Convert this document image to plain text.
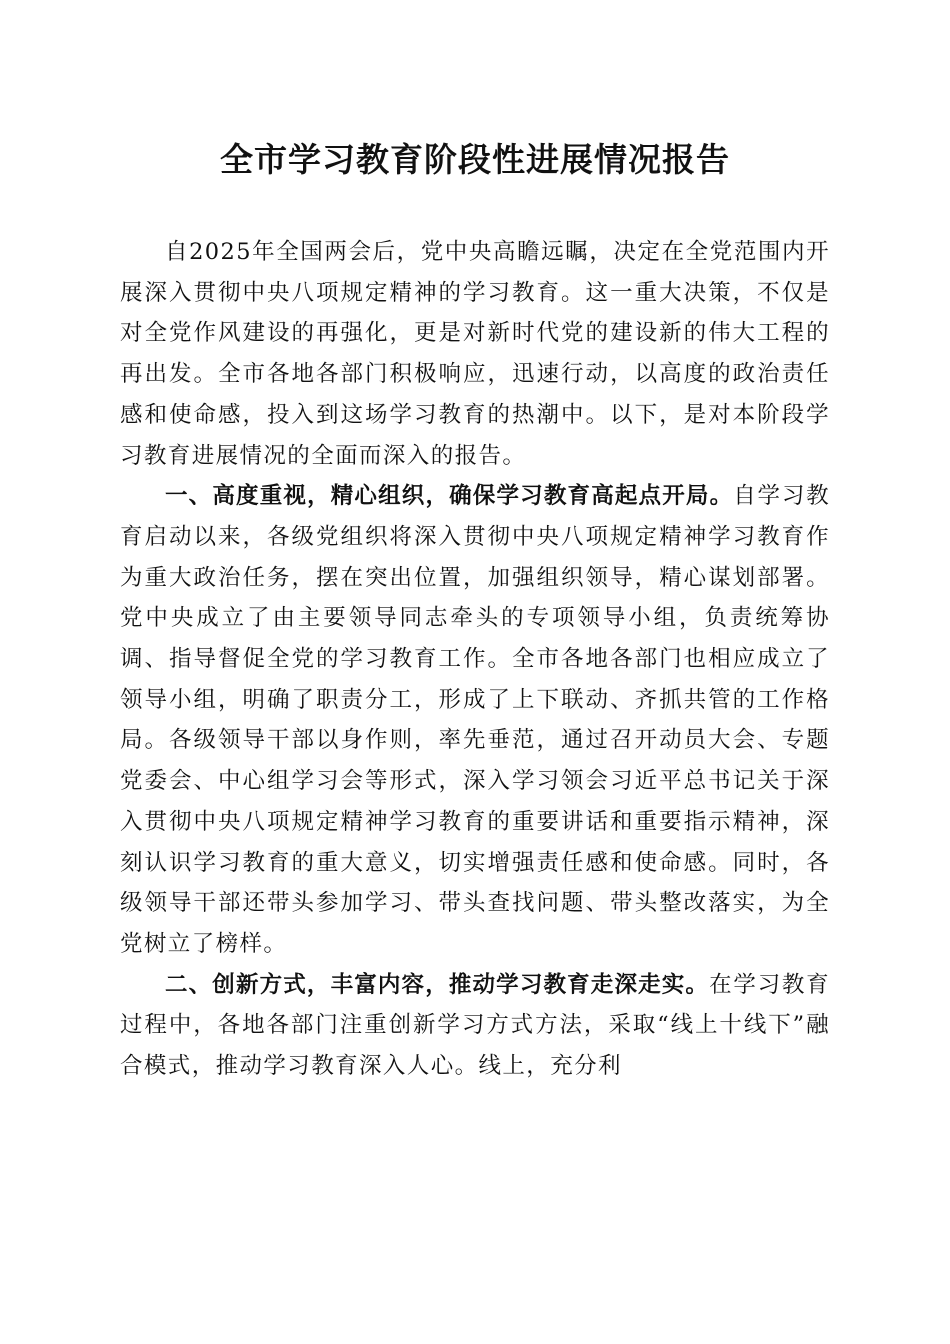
全市学习教育阶段性进展情况报告

自2025年全国两会后，党中央高瞻远瞩，决定在全党范围内开展深入贯彻中央八项规定精神的学习教育。这一重大决策，不仅是对全党作风建设的再强化，更是对新时代党的建设新的伟大工程的再出发。全市各地各部门积极响应，迅速行动，以高度的政治责任感和使命感，投入到这场学习教育的热潮中。以下，是对本阶段学习教育进展情况的全面而深入的报告。

一、高度重视，精心组织，确保学习教育高起点开局。自学习教育启动以来，各级党组织将深入贯彻中央八项规定精神学习教育作为重大政治任务，摆在突出位置，加强组织领导，精心谋划部署。党中央成立了由主要领导同志牵头的专项领导小组，负责统筹协调、指导督促全党的学习教育工作。全市各地各部门也相应成立了领导小组，明确了职责分工，形成了上下联动、齐抓共管的工作格局。各级领导干部以身作则，率先垂范，通过召开动员大会、专题党委会、中心组学习会等形式，深入学习领会习近平总书记关于深入贯彻中央八项规定精神学习教育的重要讲话和重要指示精神，深刻认识学习教育的重大意义，切实增强责任感和使命感。同时，各级领导干部还带头参加学习、带头查找问题、带头整改落实，为全党树立了榜样。

二、创新方式，丰富内容，推动学习教育走深走实。在学习教育过程中，各地各部门注重创新学习方式方法，采取“线上十线下”融合模式，推动学习教育深入人心。线上，充分利
